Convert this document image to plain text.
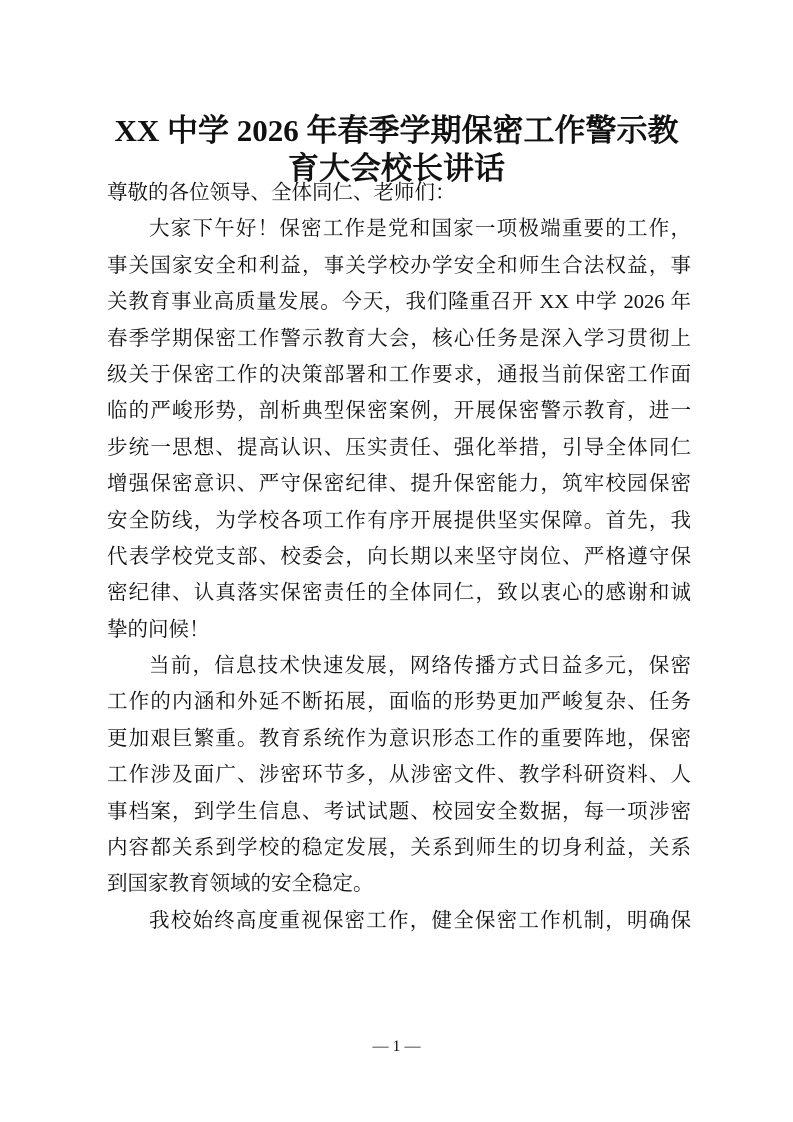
XX 中学 2026 年春季学期保密工作警示教
育大会校长讲话
尊敬的各位领导、全体同仁、老师们：
大家下午好！保密工作是党和国家一项极端重要的工作，
事关国家安全和利益，事关学校办学安全和师生合法权益，事
关教育事业高质量发展。今天，我们隆重召开 XX 中学 2026 年
春季学期保密工作警示教育大会，核心任务是深入学习贯彻上
级关于保密工作的决策部署和工作要求，通报当前保密工作面
临的严峻形势，剖析典型保密案例，开展保密警示教育，进一
步统一思想、提高认识、压实责任、强化举措，引导全体同仁
增强保密意识、严守保密纪律、提升保密能力，筑牢校园保密
安全防线，为学校各项工作有序开展提供坚实保障。首先，我
代表学校党支部、校委会，向长期以来坚守岗位、严格遵守保
密纪律、认真落实保密责任的全体同仁，致以衷心的感谢和诚
挚的问候！
当前，信息技术快速发展，网络传播方式日益多元，保密
工作的内涵和外延不断拓展，面临的形势更加严峻复杂、任务
更加艰巨繁重。教育系统作为意识形态工作的重要阵地，保密
工作涉及面广、涉密环节多，从涉密文件、教学科研资料、人
事档案，到学生信息、考试试题、校园安全数据，每一项涉密
内容都关系到学校的稳定发展，关系到师生的切身利益，关系
到国家教育领域的安全稳定。
我校始终高度重视保密工作，健全保密工作机制，明确保
— 1 —
